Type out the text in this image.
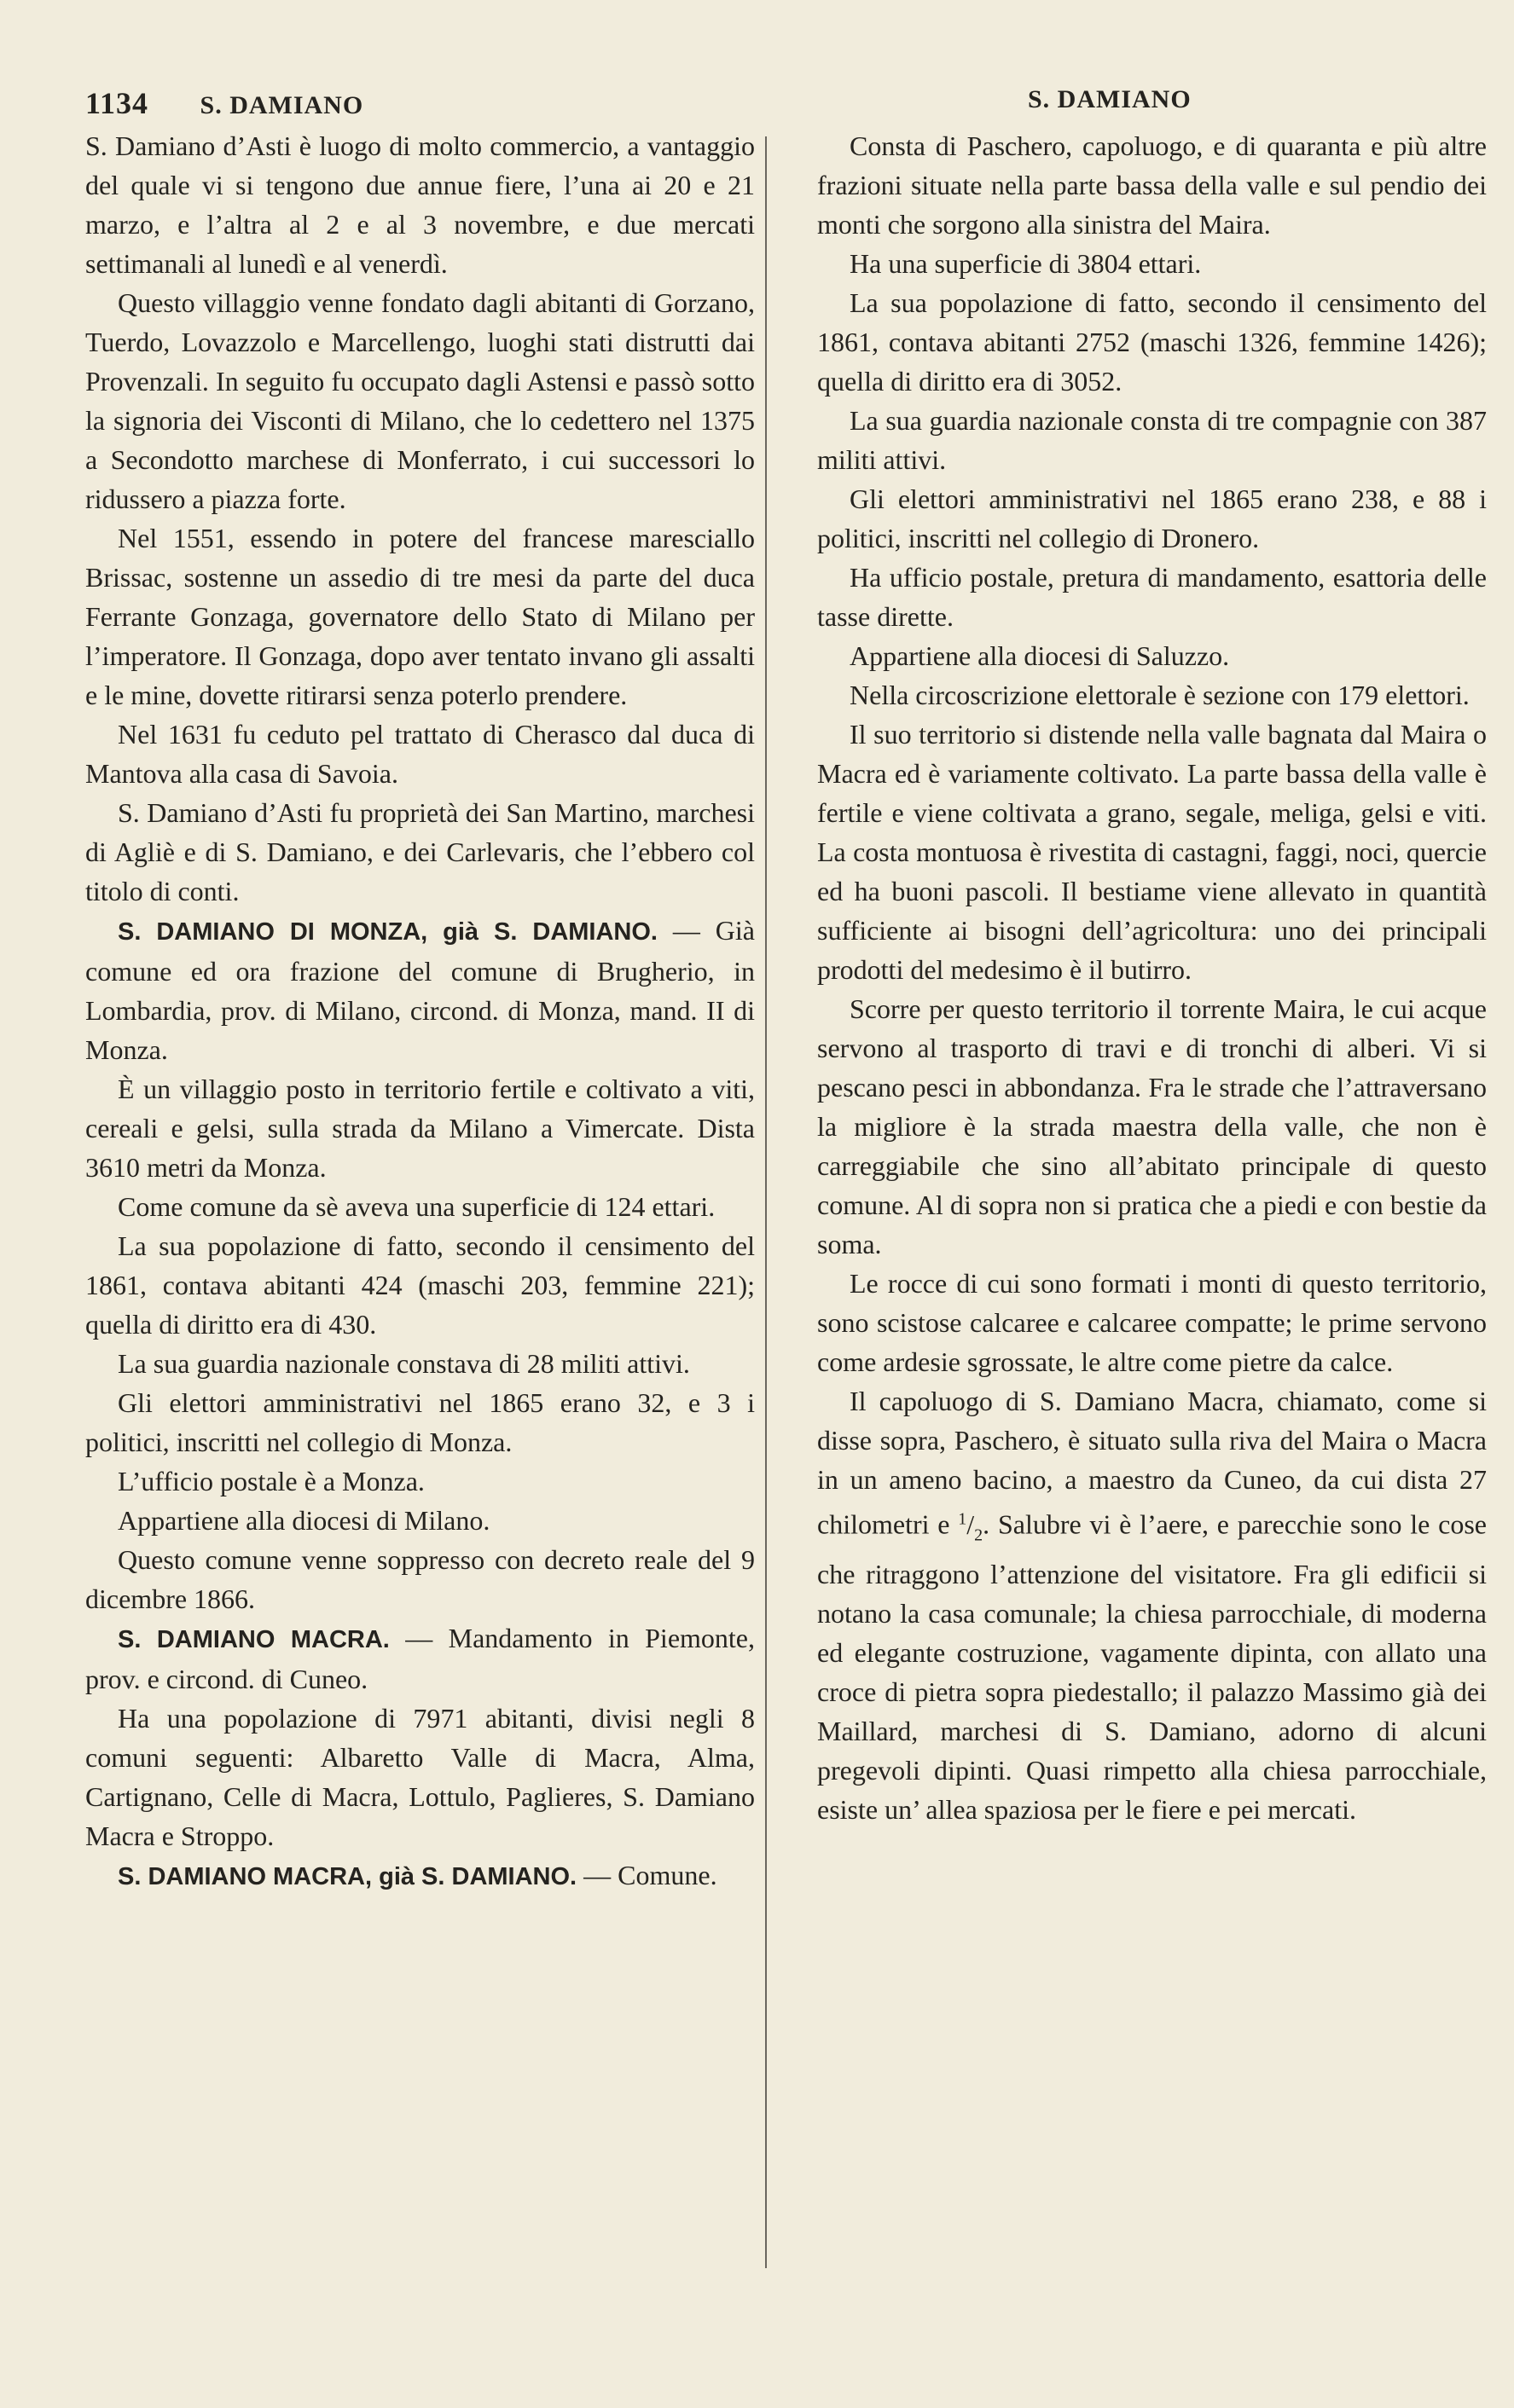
1134 S. DAMIANO	S. DAMIANO

S. Damiano d’Asti è luogo di molto commercio, a vantaggio del quale vi si tengono due annue fiere, l’una ai 20 e 21 marzo, e l’altra al 2 e al 3 novembre, e due mercati settimanali al lunedì e al venerdì.

Questo villaggio venne fondato dagli abitanti di Gorzano, Tuerdo, Lovazzolo e Marcellengo, luoghi stati distrutti dai Provenzali. In seguito fu occupato dagli Astensi e passò sotto la signoria dei Visconti di Milano, che lo cedettero nel 1375 a Secondotto marchese di Monferrato, i cui successori lo ridussero a piazza forte.

Nel 1551, essendo in potere del francese maresciallo Brissac, sostenne un assedio di tre mesi da parte del duca Ferrante Gonzaga, governatore dello Stato di Milano per l’imperatore. Il Gonzaga, dopo aver tentato invano gli assalti e le mine, dovette ritirarsi senza poterlo prendere.

Nel 1631 fu ceduto pel trattato di Cherasco dal duca di Mantova alla casa di Savoia.

S. Damiano d’Asti fu proprietà dei San Martino, marchesi di Agliè e di S. Damiano, e dei Carlevaris, che l’ebbero col titolo di conti.

S. DAMIANO DI MONZA, già S. DAMIANO. — Già comune ed ora frazione del comune di Brugherio, in Lombardia, prov. di Milano, circond. di Monza, mand. II di Monza.

È un villaggio posto in territorio fertile e coltivato a viti, cereali e gelsi, sulla strada da Milano a Vimercate. Dista 3610 metri da Monza.

Come comune da sè aveva una superficie di 124 ettari.

La sua popolazione di fatto, secondo il censimento del 1861, contava abitanti 424 (maschi 203, femmine 221); quella di diritto era di 430.

La sua guardia nazionale constava di 28 militi attivi.

Gli elettori amministrativi nel 1865 erano 32, e 3 i politici, inscritti nel collegio di Monza.

L’ufficio postale è a Monza.

Appartiene alla diocesi di Milano.

Questo comune venne soppresso con decreto reale del 9 dicembre 1866.

S. DAMIANO MACRA. — Mandamento in Piemonte, prov. e circond. di Cuneo.

Ha una popolazione di 7971 abitanti, divisi negli 8 comuni seguenti: Albaretto Valle di Macra, Alma, Cartignano, Celle di Macra, Lottulo, Paglieres, S. Damiano Macra e Stroppo.

S. DAMIANO MACRA, già S. DAMIANO. — Comune.

Consta di Paschero, capoluogo, e di quaranta e più altre frazioni situate nella parte bassa della valle e sul pendio dei monti che sorgono alla sinistra del Maira.

Ha una superficie di 3804 ettari.

La sua popolazione di fatto, secondo il censimento del 1861, contava abitanti 2752 (maschi 1326, femmine 1426); quella di diritto era di 3052.

La sua guardia nazionale consta di tre compagnie con 387 militi attivi.

Gli elettori amministrativi nel 1865 erano 238, e 88 i politici, inscritti nel collegio di Dronero.

Ha ufficio postale, pretura di mandamento, esattoria delle tasse dirette.

Appartiene alla diocesi di Saluzzo.

Nella circoscrizione elettorale è sezione con 179 elettori.

Il suo territorio si distende nella valle bagnata dal Maira o Macra ed è variamente coltivato. La parte bassa della valle è fertile e viene coltivata a grano, segale, meliga, gelsi e viti. La costa montuosa è rivestita di castagni, faggi, noci, quercie ed ha buoni pascoli. Il bestiame viene allevato in quantità sufficiente ai bisogni dell’agricoltura: uno dei principali prodotti del medesimo è il butirro.

Scorre per questo territorio il torrente Maira, le cui acque servono al trasporto di travi e di tronchi di alberi. Vi si pescano pesci in abbondanza. Fra le strade che l’attraversano la migliore è la strada maestra della valle, che non è carreggiabile che sino all’abitato principale di questo comune. Al di sopra non si pratica che a piedi e con bestie da soma.

Le rocce di cui sono formati i monti di questo territorio, sono scistose calcaree e calcaree compatte; le prime servono come ardesie sgrossate, le altre come pietre da calce.

Il capoluogo di S. Damiano Macra, chiamato, come si disse sopra, Paschero, è situato sulla riva del Maira o Macra in un ameno bacino, a maestro da Cuneo, da cui dista 27 chilometri e $^1/_2$. Salubre vi è l’aere, e parecchie sono le cose che ritraggono l’attenzione del visitatore. Fra gli edificii si notano la casa comunale; la chiesa parrocchiale, di moderna ed elegante costruzione, vagamente dipinta, con allato una croce di pietra sopra piedestallo; il palazzo Massimo già dei Maillard, marchesi di S. Damiano, adorno di alcuni pregevoli dipinti. Quasi rimpetto alla chiesa parrocchiale, esiste un’ allea spaziosa per le fiere e pei mercati.
